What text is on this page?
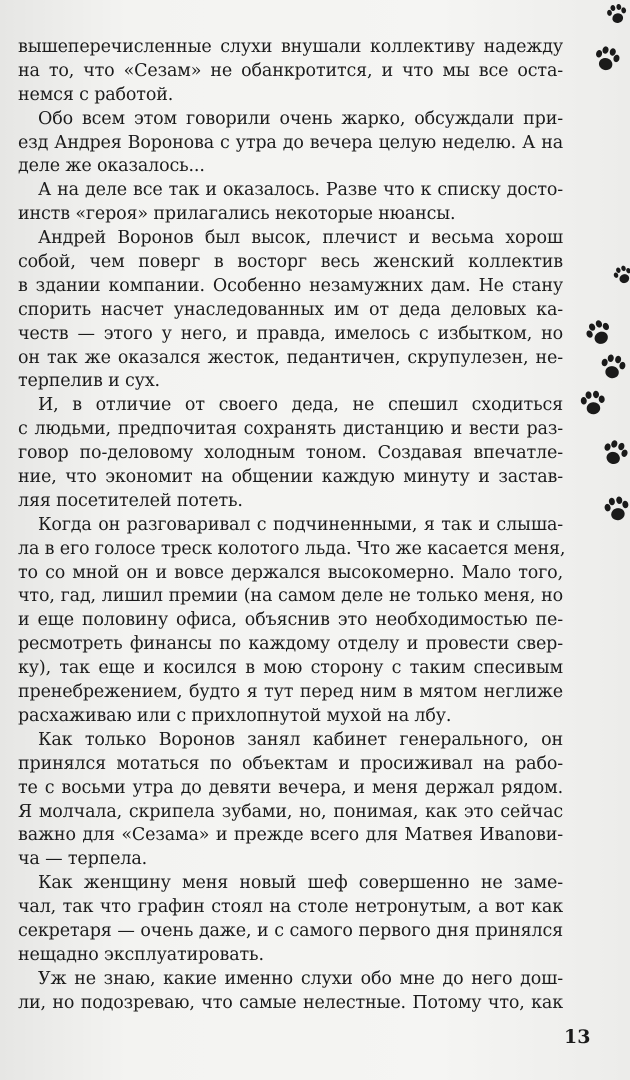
вышеперечисленные слухи внушали коллективу надежду
на то, что «Сезам» не обанкротится, и что мы все оста-
немся с работой.
Обо всем этом говорили очень жарко, обсуждали при-
езд Андрея Воронова с утра до вечера целую неделю. А на
деле же оказалось...
А на деле все так и оказалось. Разве что к списку досто-
инств «героя» прилагались некоторые нюансы.
Андрей Воронов был высок, плечист и весьма хорош
собой, чем поверг в восторг весь женский коллектив
в здании компании. Особенно незамужних дам. Не стану
спорить насчет унаследованных им от деда деловых ка-
честв — этого у него, и правда, имелось с избытком, но
он так же оказался жесток, педантичен, скрупулезен, не-
терпелив и сух.
И, в отличие от своего деда, не спешил сходиться
с людьми, предпочитая сохранять дистанцию и вести раз-
говор по-деловому холодным тоном. Создавая впечатле-
ние, что экономит на общении каждую минуту и застав-
ляя посетителей потеть.
Когда он разговаривал с подчиненными, я так и слыша-
ла в его голосе треск колотого льда. Что же касается меня,
то со мной он и вовсе держался высокомерно. Мало того,
что, гад, лишил премии (на самом деле не только меня, но
и еще половину офиса, объяснив это необходимостью пе-
ресмотреть финансы по каждому отделу и провести свер-
ку), так еще и косился в мою сторону с таким спесивым
пренебрежением, будто я тут перед ним в мятом неглиже
расхаживаю или с прихлопнутой мухой на лбу.
Как только Воронов занял кабинет генерального, он
принялся мотаться по объектам и просиживал на рабо-
те с восьми утра до девяти вечера, и меня держал рядом.
Я молчала, скрипела зубами, но, понимая, как это сейчас
важно для «Сезама» и прежде всего для Матвея Ивanoви-
ча — терпела.
Как женщину меня новый шеф совершенно не заме-
чал, так что графин стоял на столе нетронутым, а вот как
секретаря — очень даже, и с самого первого дня принялся
нещадно эксплуатировать.
Уж не знаю, какие именно слухи обо мне до него дош-
ли, но подозреваю, что самые нелестные. Потому что, как
13
